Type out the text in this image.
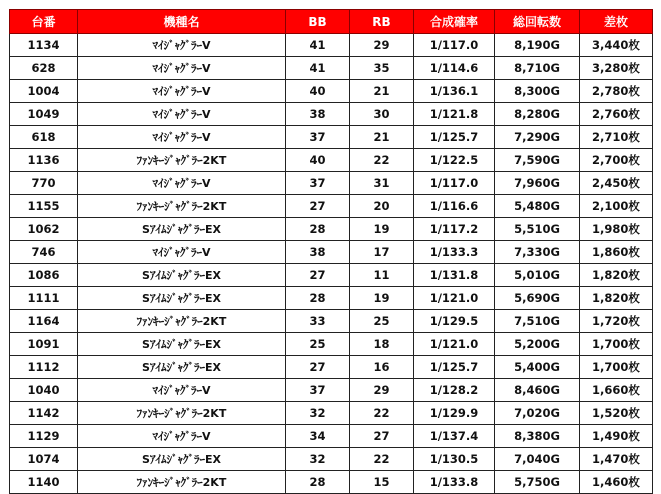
台番	機種名	BB	RB	合成確率	総回転数	差枚
1134	ﾏｲｼﾞｬｸﾞﾗｰV	41	29	1/117.0	8,190G	3,440枚
628	ﾏｲｼﾞｬｸﾞﾗｰV	41	35	1/114.6	8,710G	3,280枚
1004	ﾏｲｼﾞｬｸﾞﾗｰV	40	21	1/136.1	8,300G	2,780枚
1049	ﾏｲｼﾞｬｸﾞﾗｰV	38	30	1/121.8	8,280G	2,760枚
618	ﾏｲｼﾞｬｸﾞﾗｰV	37	21	1/125.7	7,290G	2,710枚
1136	ﾌｧﾝｷｰｼﾞｬｸﾞﾗｰ2KT	40	22	1/122.5	7,590G	2,700枚
770	ﾏｲｼﾞｬｸﾞﾗｰV	37	31	1/117.0	7,960G	2,450枚
1155	ﾌｧﾝｷｰｼﾞｬｸﾞﾗｰ2KT	27	20	1/116.6	5,480G	2,100枚
1062	SｱｲﾑｼﾞｬｸﾞﾗｰEX	28	19	1/117.2	5,510G	1,980枚
746	ﾏｲｼﾞｬｸﾞﾗｰV	38	17	1/133.3	7,330G	1,860枚
1086	SｱｲﾑｼﾞｬｸﾞﾗｰEX	27	11	1/131.8	5,010G	1,820枚
1111	SｱｲﾑｼﾞｬｸﾞﾗｰEX	28	19	1/121.0	5,690G	1,820枚
1164	ﾌｧﾝｷｰｼﾞｬｸﾞﾗｰ2KT	33	25	1/129.5	7,510G	1,720枚
1091	SｱｲﾑｼﾞｬｸﾞﾗｰEX	25	18	1/121.0	5,200G	1,700枚
1112	SｱｲﾑｼﾞｬｸﾞﾗｰEX	27	16	1/125.7	5,400G	1,700枚
1040	ﾏｲｼﾞｬｸﾞﾗｰV	37	29	1/128.2	8,460G	1,660枚
1142	ﾌｧﾝｷｰｼﾞｬｸﾞﾗｰ2KT	32	22	1/129.9	7,020G	1,520枚
1129	ﾏｲｼﾞｬｸﾞﾗｰV	34	27	1/137.4	8,380G	1,490枚
1074	SｱｲﾑｼﾞｬｸﾞﾗｰEX	32	22	1/130.5	7,040G	1,470枚
1140	ﾌｧﾝｷｰｼﾞｬｸﾞﾗｰ2KT	28	15	1/133.8	5,750G	1,460枚
